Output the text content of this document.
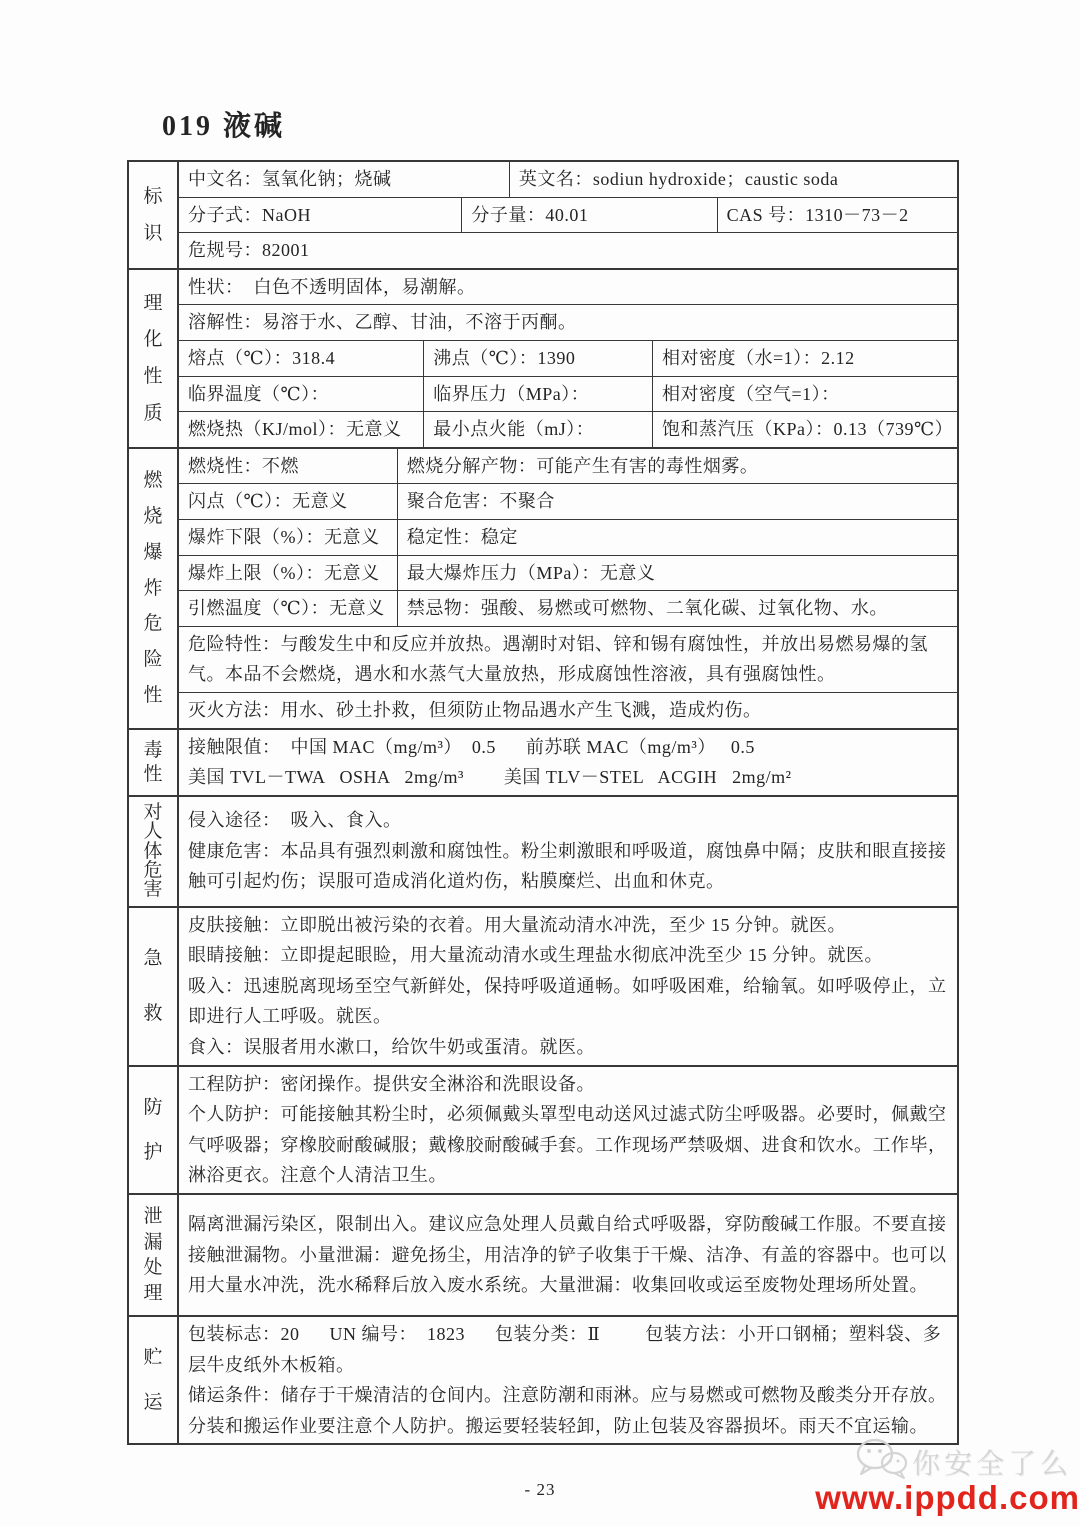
019 液碱
标
识
中文名：氢氧化钠；烧碱	英文名：sodiun hydroxide；caustic soda
分子式：NaOH	分子量：40.01	CAS 号：1310－73－2
危规号：82001
理
化
性
质
性状：  白色不透明固体，易潮解。
溶解性：易溶于水、乙醇、甘油，不溶于丙酮。
熔点（℃）：318.4	沸点（℃）：1390	相对密度（水=1）：2.12
临界温度（℃）：	临界压力（MPa）：	相对密度（空气=1）：
燃烧热（KJ/mol）：无意义	最小点火能（mJ）：	饱和蒸汽压（KPa）：0.13（739℃）
燃
烧
爆
炸
危
险
性
燃烧性：不燃	燃烧分解产物：可能产生有害的毒性烟雾。
闪点（℃）：无意义	聚合危害：不聚合
爆炸下限（%）：无意义	稳定性：稳定
爆炸上限（%）：无意义	最大爆炸压力（MPa）：无意义
引燃温度（℃）：无意义 禁忌物：强酸、易燃或可燃物、二氧化碳、过氧化物、水。
危险特性：与酸发生中和反应并放热。遇潮时对铝、锌和锡有腐蚀性，并放出易燃易爆的氢气。本品不会燃烧，遇水和水蒸气大量放热，形成腐蚀性溶液，具有强腐蚀性。
灭火方法：用水、砂土扑救，但须防止物品遇水产生飞溅，造成灼伤。
毒
性
接触限值：  中国 MAC（mg/m³）  0.5      前苏联 MAC（mg/m³）   0.5
美国 TVL－TWA   OSHA   2mg/m³        美国 TLV－STEL   ACGIH   2mg/m²
对
人
体
危
害
侵入途径：  吸入、食入。
健康危害：本品具有强烈刺激和腐蚀性。粉尘刺激眼和呼吸道，腐蚀鼻中隔；皮肤和眼直接接触可引起灼伤；误服可造成消化道灼伤，粘膜糜烂、出血和休克。
急
救
皮肤接触：立即脱出被污染的衣着。用大量流动清水冲洗，至少 15 分钟。就医。
眼睛接触：立即提起眼睑，用大量流动清水或生理盐水彻底冲洗至少 15 分钟。就医。
吸入：迅速脱离现场至空气新鲜处，保持呼吸道通畅。如呼吸困难，给输氧。如呼吸停止，立即进行人工呼吸。就医。
食入：误服者用水漱口，给饮牛奶或蛋清。就医。
防
护
工程防护：密闭操作。提供安全淋浴和洗眼设备。
个人防护：可能接触其粉尘时，必须佩戴头罩型电动送风过滤式防尘呼吸器。必要时，佩戴空气呼吸器；穿橡胶耐酸碱服；戴橡胶耐酸碱手套。工作现场严禁吸烟、进食和饮水。工作毕，淋浴更衣。注意个人清洁卫生。
泄
漏
处
理
隔离泄漏污染区，限制出入。建议应急处理人员戴自给式呼吸器，穿防酸碱工作服。不要直接接触泄漏物。小量泄漏：避免扬尘，用洁净的铲子收集于干燥、洁净、有盖的容器中。也可以用大量水冲洗，洗水稀释后放入废水系统。大量泄漏：收集回收或运至废物处理场所处置。
贮
运
包装标志：20      UN 编号：  1823      包装分类：Ⅱ         包装方法：小开口钢桶；塑料袋、多层牛皮纸外木板箱。
储运条件：储存于干燥清洁的仓间内。注意防潮和雨淋。应与易燃或可燃物及酸类分开存放。分装和搬运作业要注意个人防护。搬运要轻装轻卸，防止包装及容器损坏。雨天不宜运输。
- 23
你安全了么
www.ippdd.com
